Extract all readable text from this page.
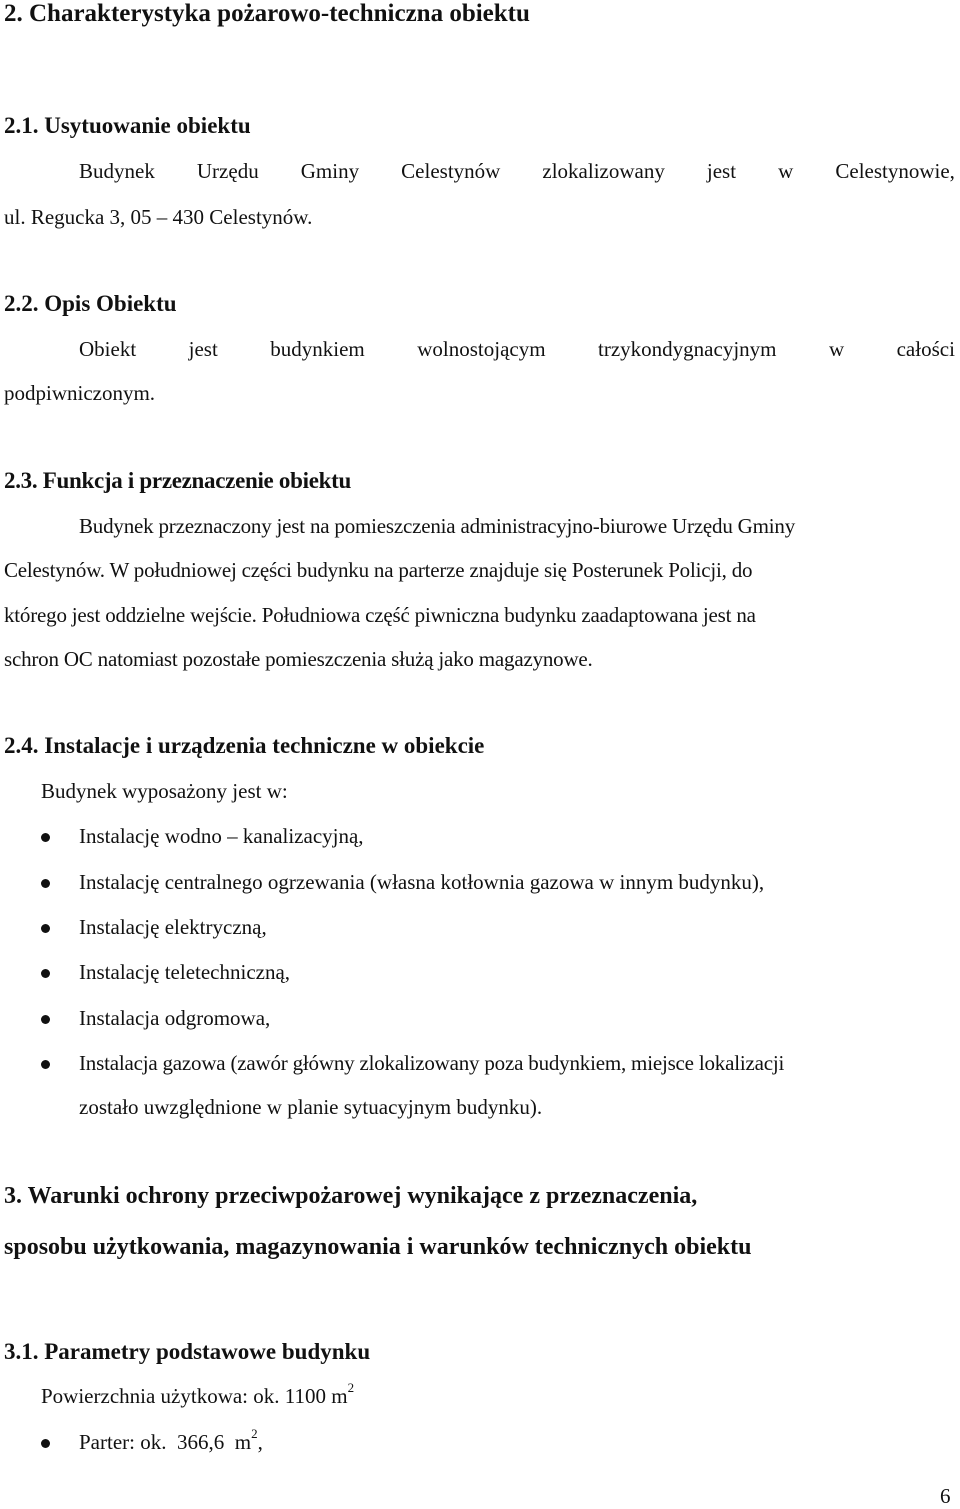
2. Charakterystyka pożarowo-techniczna obiektu
2.1. Usytuowanie obiektu
Budynek Urzędu Gminy Celestynów zlokalizowany jest w Celestynowie,
ul. Regucka 3, 05 – 430 Celestynów.
2.2. Opis Obiektu
Obiekt jest budynkiem wolnostojącym trzykondygnacyjnym w całości
podpiwniczonym.
2.3. Funkcja i przeznaczenie obiektu
Budynek przeznaczony jest na pomieszczenia administracyjno-biurowe Urzędu Gminy
Celestynów. W południowej części budynku na parterze znajduje się Posterunek Policji, do
którego jest oddzielne wejście. Południowa część piwniczna budynku zaadaptowana jest na
schron OC natomiast pozostałe pomieszczenia służą jako magazynowe.
2.4. Instalacje i urządzenia techniczne w obiekcie
Budynek wyposażony jest w:
Instalację wodno – kanalizacyjną,
Instalację centralnego ogrzewania (własna kotłownia gazowa w innym budynku),
Instalację elektryczną,
Instalację teletechniczną,
Instalacja odgromowa,
Instalacja gazowa (zawór główny zlokalizowany poza budynkiem, miejsce lokalizacji
zostało uwzględnione w planie sytuacyjnym budynku).
3. Warunki ochrony przeciwpożarowej wynikające z przeznaczenia,
sposobu użytkowania, magazynowania i warunków technicznych obiektu
3.1. Parametry podstawowe budynku
Powierzchnia użytkowa: ok. 1100 $m^2$
Parter: ok.  366,6  $m^2$,
6
